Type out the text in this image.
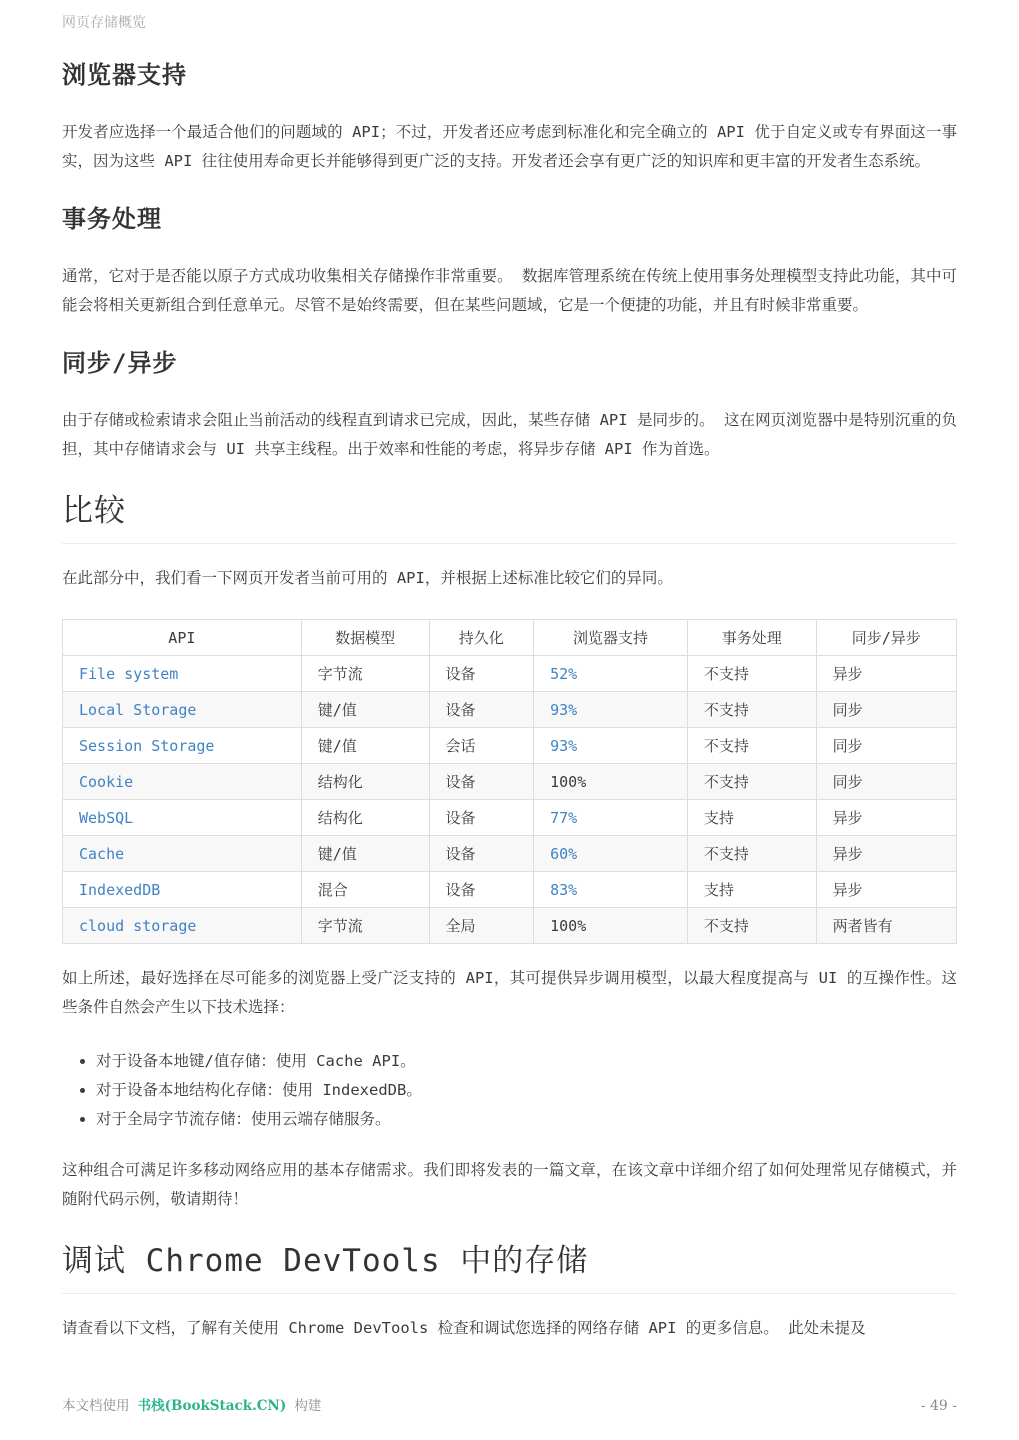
网页存储概览
浏览器支持

开发者应选择一个最适合他们的问题域的 API；不过，开发者还应考虑到标准化和完全确立的 API 优于自定义或专有界面这一事实，因为这些 API 往往使用寿命更长并能够得到更广泛的支持。开发者还会享有更广泛的知识库和更丰富的开发者生态系统。

事务处理

通常，它对于是否能以原子方式成功收集相关存储操作非常重要。 数据库管理系统在传统上使用事务处理模型支持此功能，其中可能会将相关更新组合到任意单元。尽管不是始终需要，但在某些问题域，它是一个便捷的功能，并且有时候非常重要。

同步/异步

由于存储或检索请求会阻止当前活动的线程直到请求已完成，因此，某些存储 API 是同步的。 这在网页浏览器中是特别沉重的负担，其中存储请求会与 UI 共享主线程。出于效率和性能的考虑，将异步存储 API 作为首选。

比较

在此部分中，我们看一下网页开发者当前可用的 API，并根据上述标准比较它们的异同。

API	数据模型	持久化	浏览器支持	事务处理	同步/异步
File system	字节流	设备	52%	不支持	异步
Local Storage	键/值	设备	93%	不支持	同步
Session Storage	键/值	会话	93%	不支持	同步
Cookie	结构化	设备	100%	不支持	同步
WebSQL	结构化	设备	77%	支持	异步
Cache	键/值	设备	60%	不支持	异步
IndexedDB	混合	设备	83%	支持	异步
cloud storage	字节流	全局	100%	不支持	两者皆有

如上所述，最好选择在尽可能多的浏览器上受广泛支持的 API，其可提供异步调用模型，以最大程度提高与 UI 的互操作性。这些条件自然会产生以下技术选择：

• 对于设备本地键/值存储：使用 Cache API。
• 对于设备本地结构化存储：使用 IndexedDB。
• 对于全局字节流存储：使用云端存储服务。

这种组合可满足许多移动网络应用的基本存储需求。我们即将发表的一篇文章，在该文章中详细介绍了如何处理常见存储模式，并随附代码示例，敬请期待！

调试 Chrome DevTools 中的存储

请查看以下文档，了解有关使用 Chrome DevTools 检查和调试您选择的网络存储 API 的更多信息。 此处未提及

本文档使用 书栈(BookStack.CN) 构建	- 49 -
